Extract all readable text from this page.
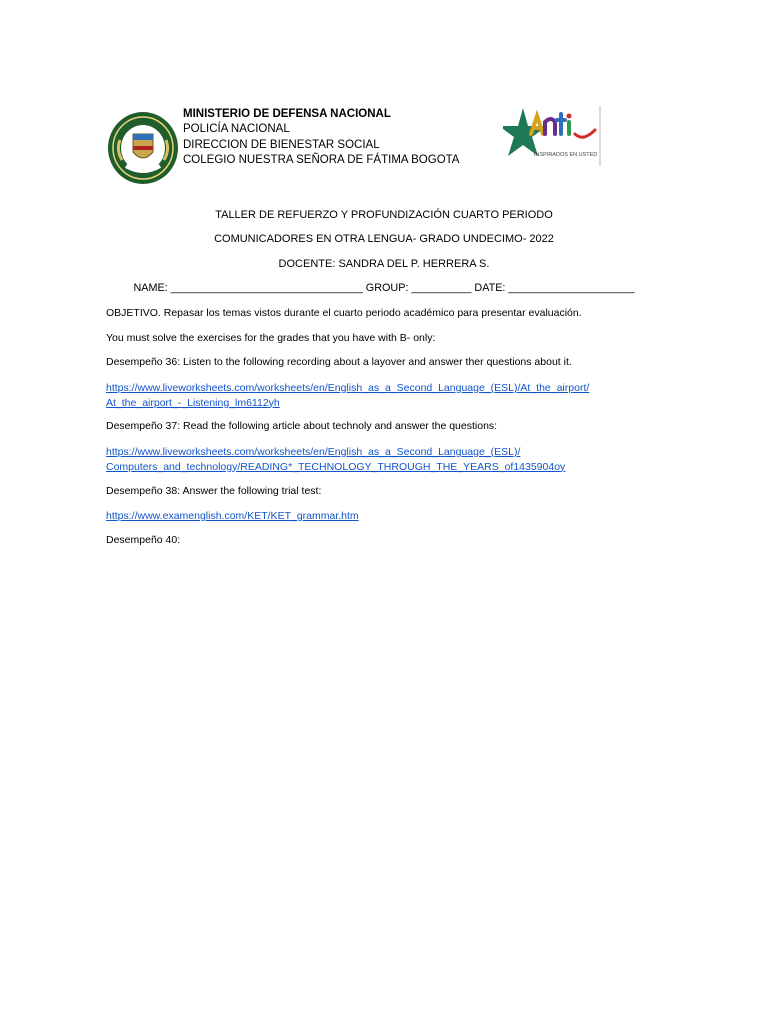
MINISTERIO DE DEFENSA NACIONAL
POLICÍA NACIONAL
DIRECCION DE BIENESTAR SOCIAL
COLEGIO NUESTRA SEÑORA DE FÁTIMA BOGOTA	INSPIRADOS EN USTED
TALLER DE REFUERZO Y PROFUNDIZACIÓN CUARTO PERIODO
COMUNICADORES EN OTRA LENGUA- GRADO UNDECIMO- 2022
DOCENTE: SANDRA DEL P. HERRERA S.
NAME: ________________________________ GROUP: __________ DATE: _____________________
OBJETIVO. Repasar los temas vistos durante el cuarto periodo académico para presentar evaluación.
You must solve the exercises for the grades that you have with B- only:
Desempeño 36: Listen to the following recording about a layover and answer ther questions about it.
https://www.liveworksheets.com/worksheets/en/English_as_a_Second_Language_(ESL)/At_the_airport/
At_the_airport_-_Listening_lm6112yh
Desempeño 37: Read the following article about technoly and answer the questions:
https://www.liveworksheets.com/worksheets/en/English_as_a_Second_Language_(ESL)/
Computers_and_technology/READING*_TECHNOLOGY_THROUGH_THE_YEARS_of1435904oy
Desempeño 38: Answer the following trial test:
https://www.examenglish.com/KET/KET_grammar.htm
Desempeño 40:
